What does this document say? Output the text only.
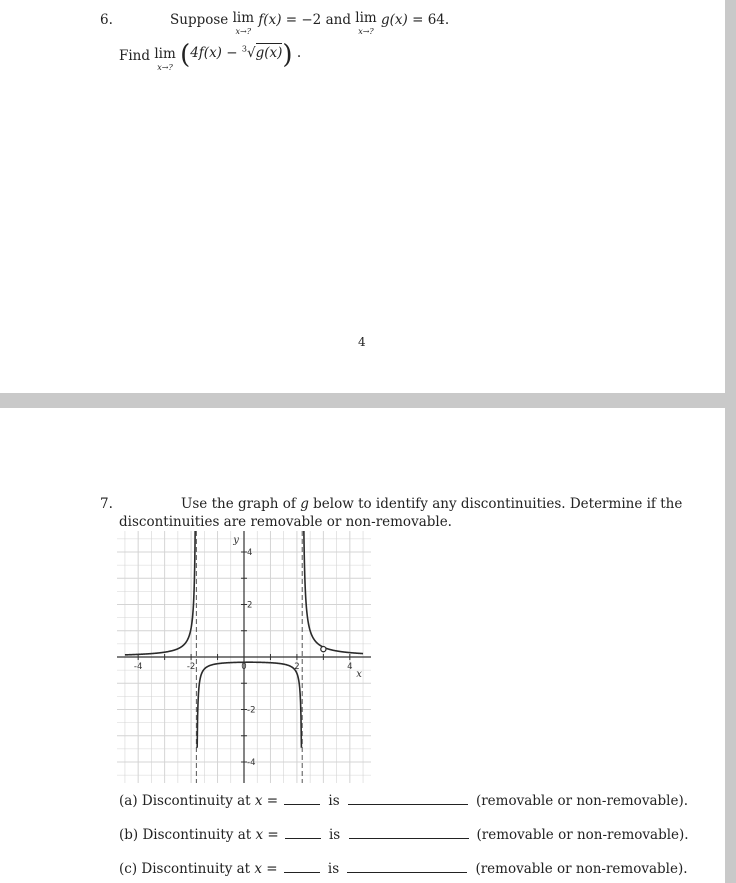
6.	Suppose lim
x→?
f(x) = −2 and lim
x→?
g(x) = 64.
Find lim
x→? (4f(x) − $^3$√g(x)) .
4
7.	Use the graph of g below to identify any discontinuities. Determine if the
discontinuities are removable or non-removable.
-4	-2	0	2	4
4
2
-2
-4
x
y
(a) Discontinuity at x =	is	(removable or non-removable).
(b) Discontinuity at x =	is	(removable or non-removable).
(c) Discontinuity at x =	is	(removable or non-removable).
